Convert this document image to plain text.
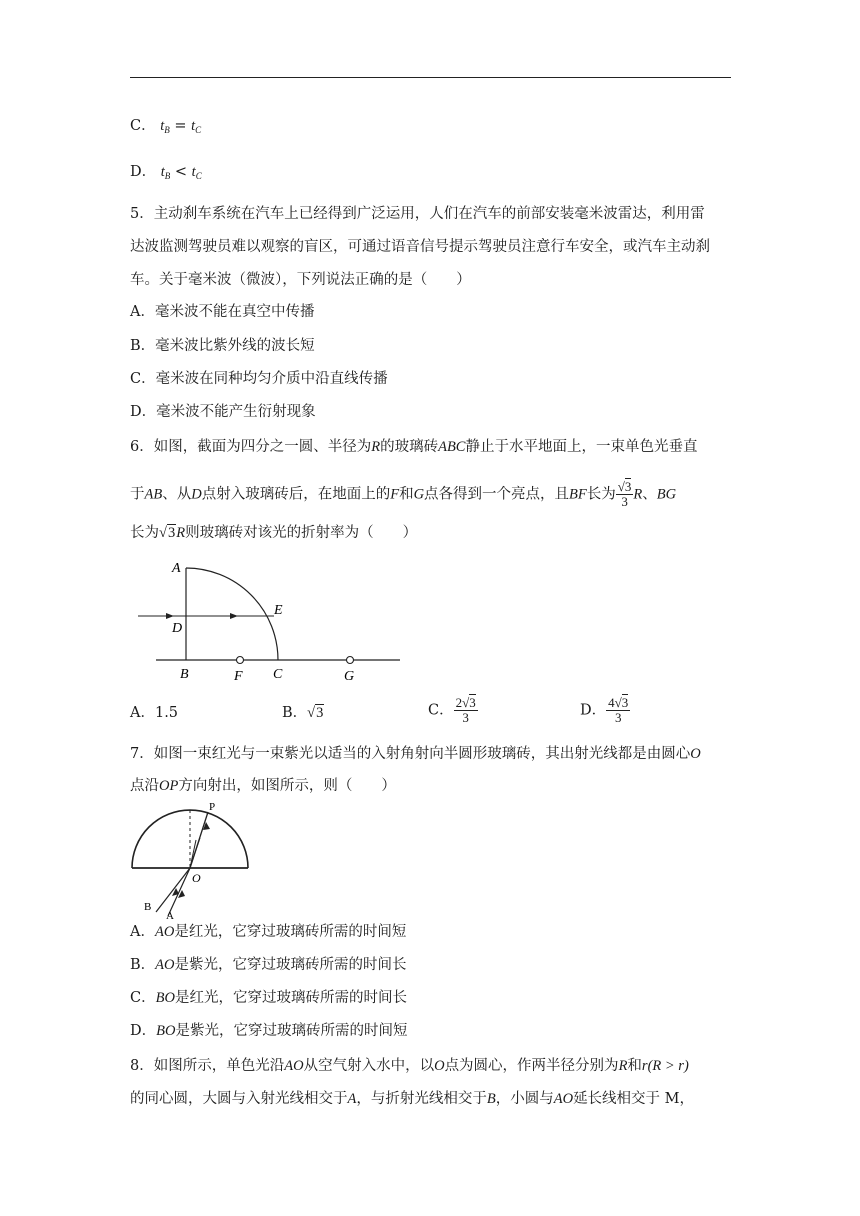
C． $t_B = t_C$
D． $t_B < t_C$
5．主动刹车系统在汽车上已经得到广泛运用，人们在汽车的前部安装毫米波雷达，利用雷
达波监测驾驶员难以观察的盲区，可通过语音信号提示驾驶员注意行车安全，或汽车主动刹
车。关于毫米波（微波），下列说法正确的是（　　）
A．毫米波不能在真空中传播
B．毫米波比紫外线的波长短
C．毫米波在同种均匀介质中沿直线传播
D．毫米波不能产生衍射现象
6．如图，截面为四分之一圆、半径为R的玻璃砖ABC静止于水平地面上，一束单色光垂直
于AB、从D点射入玻璃砖后，在地面上的F和G点各得到一个亮点，且BF长为 $\frac{√3}{3}$ R、BG
长为√3R则玻璃砖对该光的折射率为（　　）
A
E
D
B	F C	G
A．1.5	B．√3	C． $\frac{2√3}{3}$	D． $\frac{4√3}{3}$
7．如图一束红光与一束紫光以适当的入射角射向半圆形玻璃砖，其出射光线都是由圆心O
点沿OP方向射出，如图所示，则（　　）
P
O
B
A
A．AO是红光，它穿过玻璃砖所需的时间短
B．AO是紫光，它穿过玻璃砖所需的时间长
C．BO是红光，它穿过玻璃砖所需的时间长
D．BO是紫光，它穿过玻璃砖所需的时间短
8．如图所示，单色光沿AO从空气射入水中，以O点为圆心，作两半径分别为R和r(R > r)
的同心圆，大圆与入射光线相交于A，与折射光线相交于B，小圆与AO延长线相交于 M，
